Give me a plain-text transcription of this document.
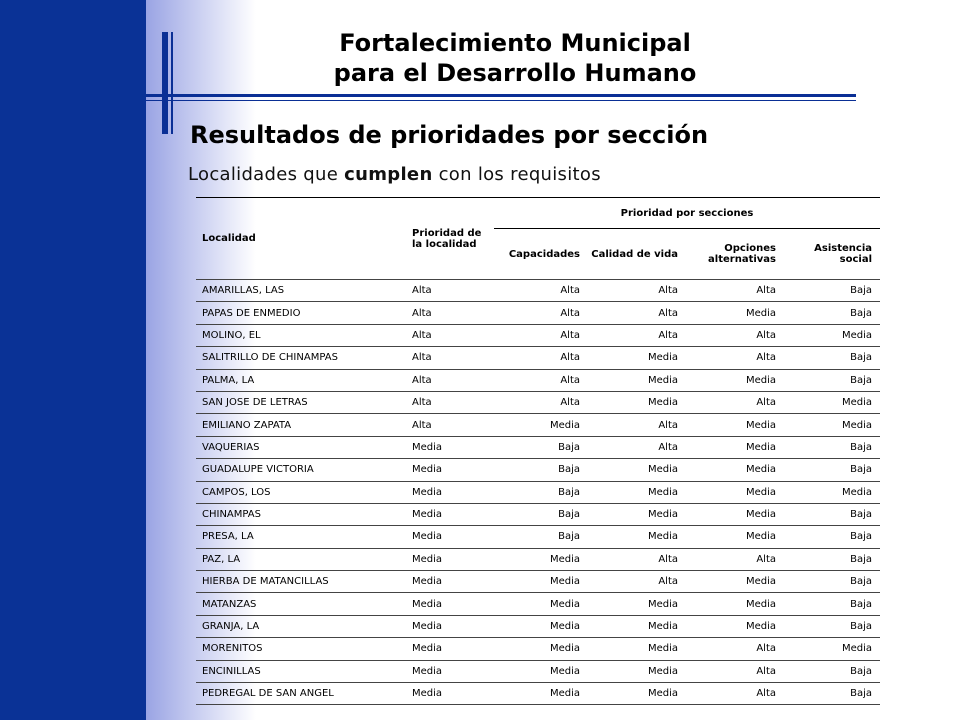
Fortalecimiento Municipal
para el Desarrollo Humano
Resultados de prioridades por sección
Localidades que cumplen con los requisitos
Localidad	Prioridad de la localidad	Prioridad por secciones			
		Capacidades	Calidad de vida	Opciones alternativas	Asistencia social
AMARILLAS, LAS	Alta	Alta	Alta	Alta	Baja
PAPAS DE ENMEDIO	Alta	Alta	Alta	Media	Baja
MOLINO, EL	Alta	Alta	Alta	Alta	Media
SALITRILLO DE CHINAMPAS	Alta	Alta	Media	Alta	Baja
PALMA, LA	Alta	Alta	Media	Media	Baja
SAN JOSE DE LETRAS	Alta	Alta	Media	Alta	Media
EMILIANO ZAPATA	Alta	Media	Alta	Media	Media
VAQUERIAS	Media	Baja	Alta	Media	Baja
GUADALUPE VICTORIA	Media	Baja	Media	Media	Baja
CAMPOS, LOS	Media	Baja	Media	Media	Media
CHINAMPAS	Media	Baja	Media	Media	Baja
PRESA, LA	Media	Baja	Media	Media	Baja
PAZ, LA	Media	Media	Alta	Alta	Baja
HIERBA DE MATANCILLAS	Media	Media	Alta	Media	Baja
MATANZAS	Media	Media	Media	Media	Baja
GRANJA, LA	Media	Media	Media	Media	Baja
MORENITOS	Media	Media	Media	Alta	Media
ENCINILLAS	Media	Media	Media	Alta	Baja
PEDREGAL DE SAN ANGEL	Media	Media	Media	Alta	Baja
